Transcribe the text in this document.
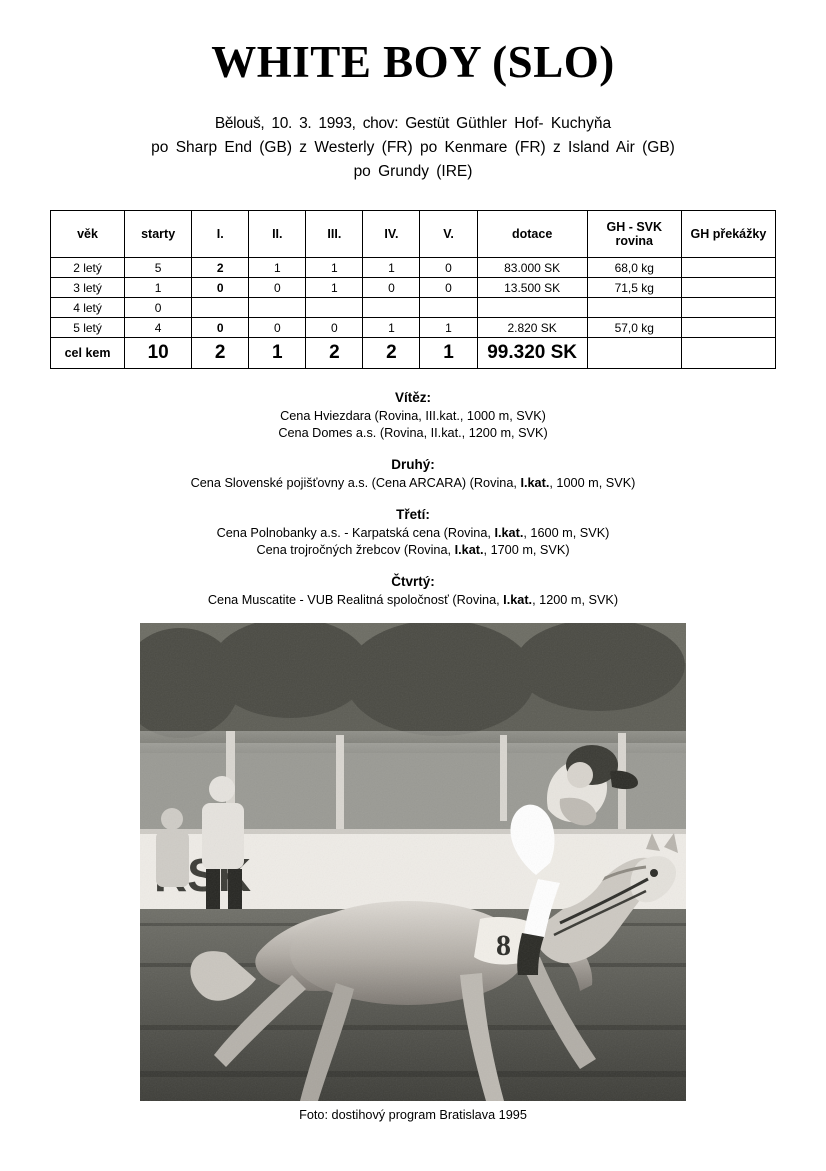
WHITE BOY (SLO)
Bělouš, 10. 3. 1993, chov: Gestüt Güthler Hof- Kuchyňa
po Sharp End (GB) z Westerly (FR) po Kenmare (FR) z Island Air (GB)
po Grundy (IRE)
věk	starty	I.	II.	III.	IV.	V.	dotace	GH - SVK rovina	GH překážky
2 letý	5	2	1	1	1	0	83.000 SK	68,0 kg	
3 letý	1	0	0	1	0	0	13.500 SK	71,5 kg	
4 letý	0								
5 letý	4	0	0	0	1	1	2.820 SK	57,0 kg	
cel kem	10	2	1	2	2	1	99.320 SK		
Vítěz:
Cena Hviezdara (Rovina, III.kat., 1000 m, SVK)
Cena Domes a.s. (Rovina, II.kat., 1200 m, SVK)
Druhý:
Cena Slovenské pojišťovny a.s. (Cena ARCARA) (Rovina, I.kat., 1000 m, SVK)
Třetí:
Cena Polnobanky a.s. - Karpatská cena (Rovina, I.kat., 1600 m, SVK)
Cena trojročných žrebcov (Rovina, I.kat., 1700 m, SVK)
Čtvrtý:
Cena Muscatite - VUB Realitná spoločnosť (Rovina, I.kat., 1200 m, SVK)
Foto: dostihový program Bratislava 1995
